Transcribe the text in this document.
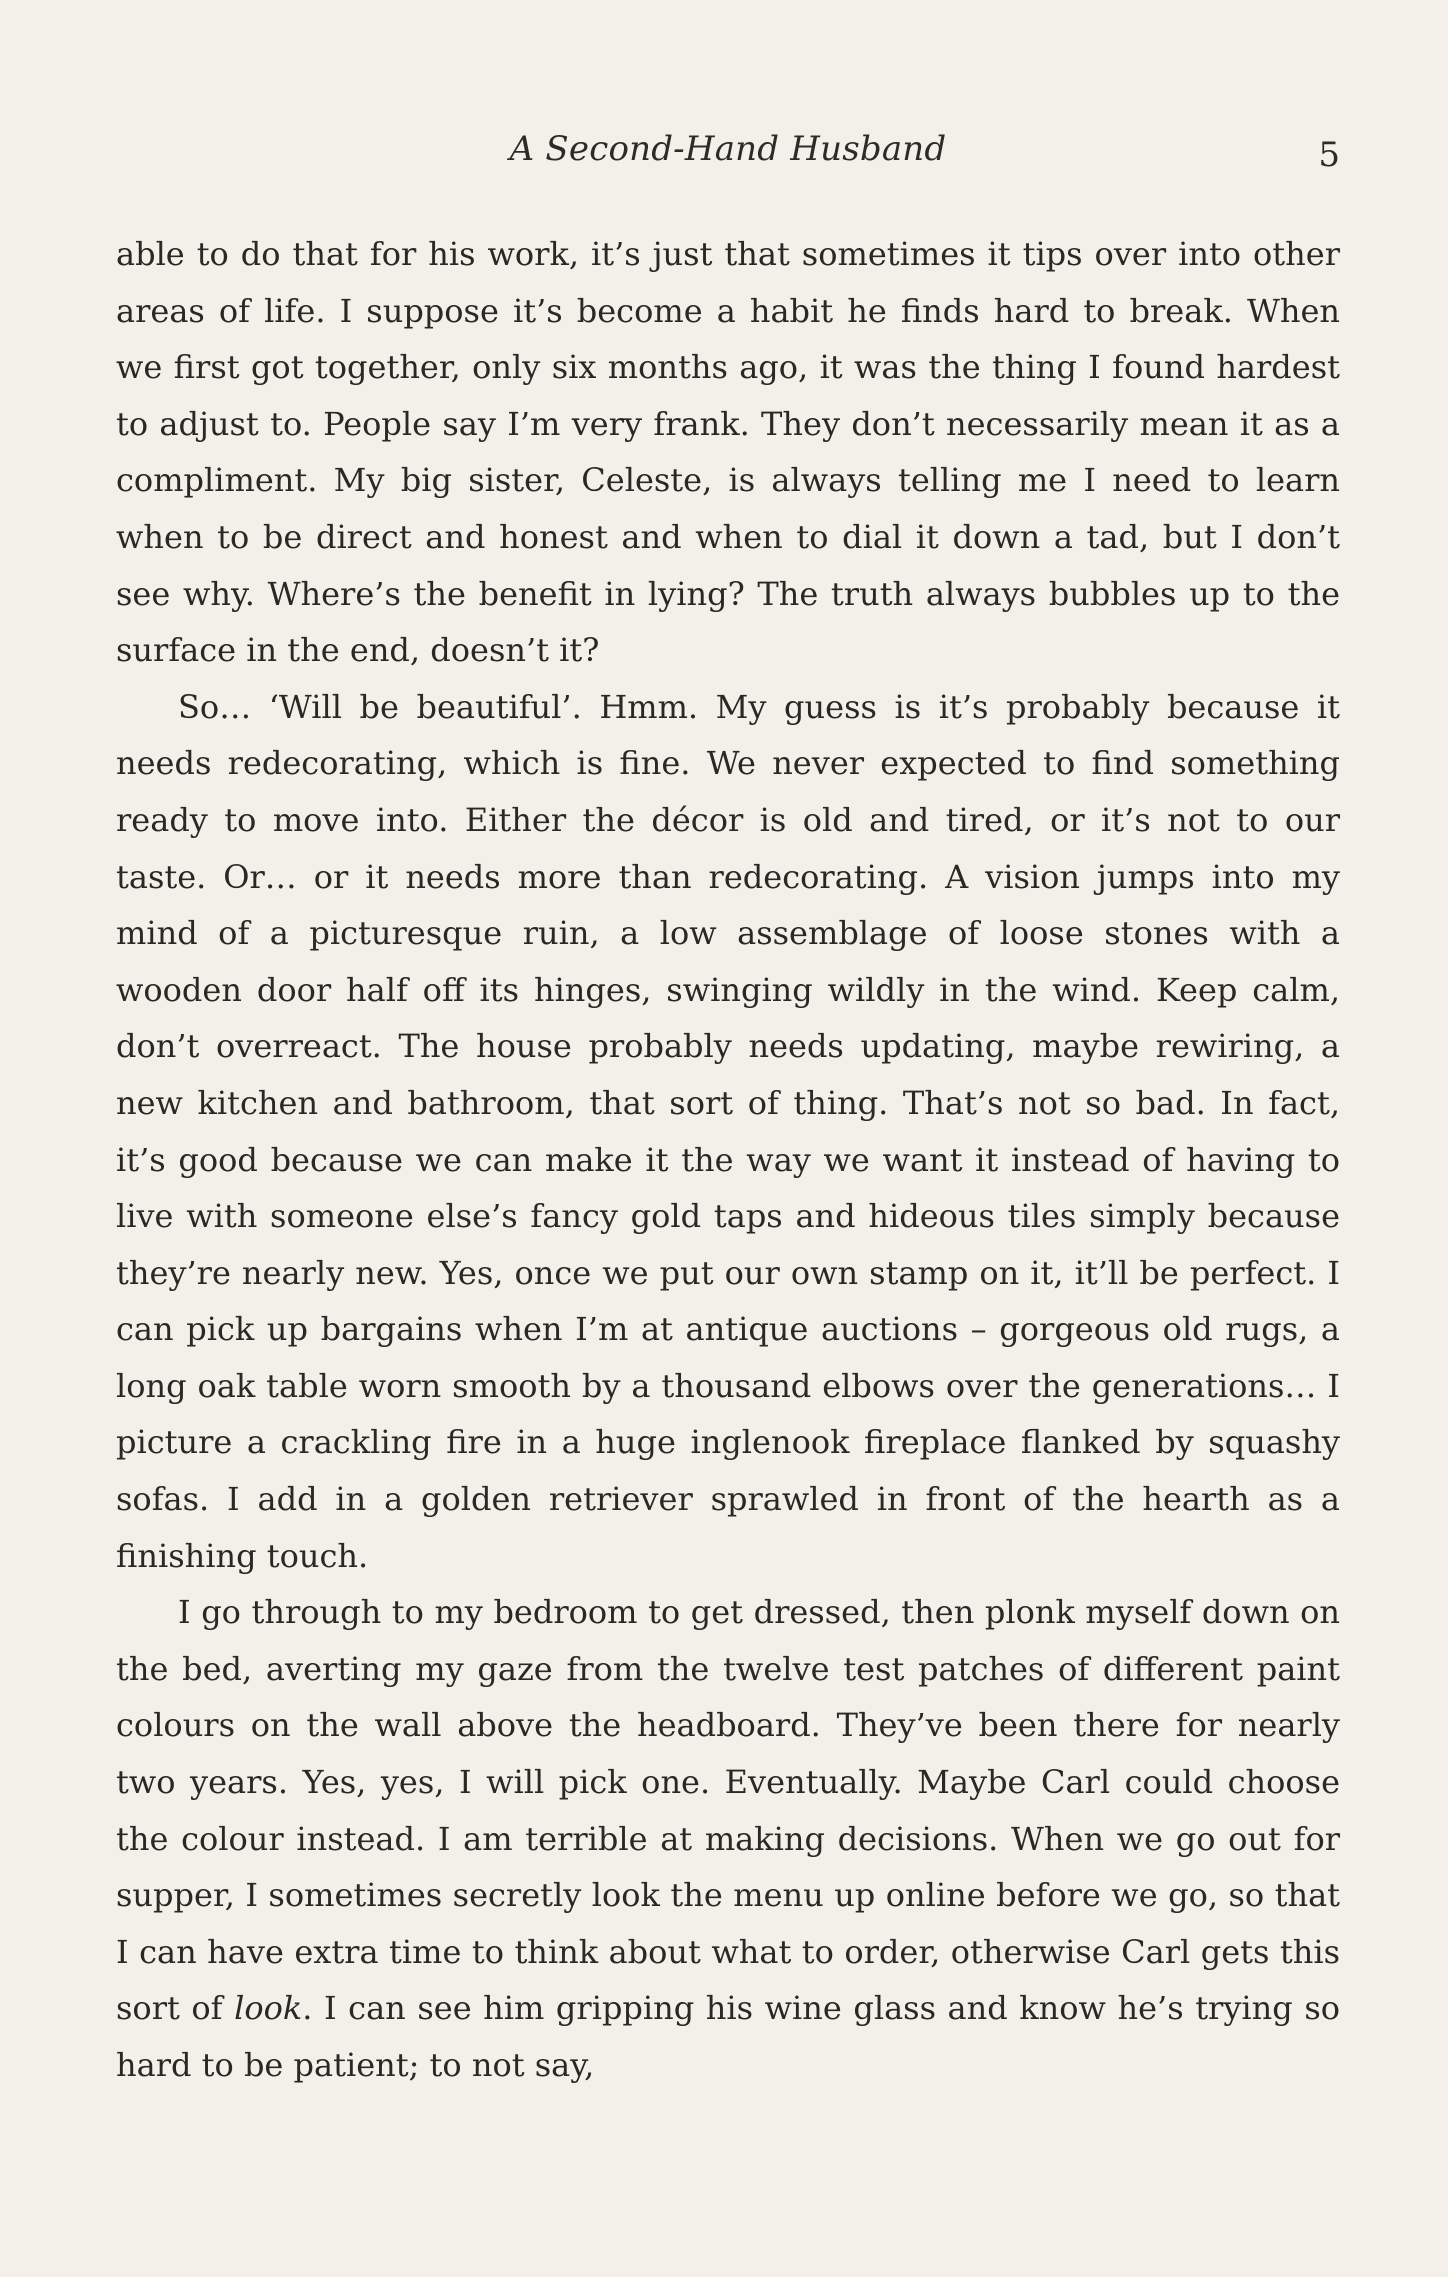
A Second-Hand Husband	5

able to do that for his work, it’s just that sometimes it tips over into other areas of life. I suppose it’s become a habit he finds hard to break. When we first got together, only six months ago, it was the thing I found hardest to adjust to. People say I’m very frank. They don’t necessarily mean it as a compliment. My big sister, Celeste, is always telling me I need to learn when to be direct and honest and when to dial it down a tad, but I don’t see why. Where’s the benefit in lying? The truth always bubbles up to the surface in the end, doesn’t it?

So… ‘Will be beautiful’. Hmm. My guess is it’s probably because it needs redecorating, which is fine. We never expected to find something ready to move into. Either the décor is old and tired, or it’s not to our taste. Or… or it needs more than redecorating. A vision jumps into my mind of a picturesque ruin, a low assemblage of loose stones with a wooden door half off its hinges, swinging wildly in the wind. Keep calm, don’t overreact. The house probably needs updating, maybe rewiring, a new kitchen and bathroom, that sort of thing. That’s not so bad. In fact, it’s good because we can make it the way we want it instead of having to live with someone else’s fancy gold taps and hideous tiles simply because they’re nearly new. Yes, once we put our own stamp on it, it’ll be perfect. I can pick up bargains when I’m at antique auctions – gorgeous old rugs, a long oak table worn smooth by a thousand elbows over the generations… I picture a crackling fire in a huge inglenook fireplace flanked by squashy sofas. I add in a golden retriever sprawled in front of the hearth as a finishing touch.

I go through to my bedroom to get dressed, then plonk myself down on the bed, averting my gaze from the twelve test patches of different paint colours on the wall above the headboard. They’ve been there for nearly two years. Yes, yes, I will pick one. Eventually. Maybe Carl could choose the colour instead. I am terrible at making decisions. When we go out for supper, I sometimes secretly look the menu up online before we go, so that I can have extra time to think about what to order, otherwise Carl gets this sort of look. I can see him gripping his wine glass and know he’s trying so hard to be patient; to not say,
